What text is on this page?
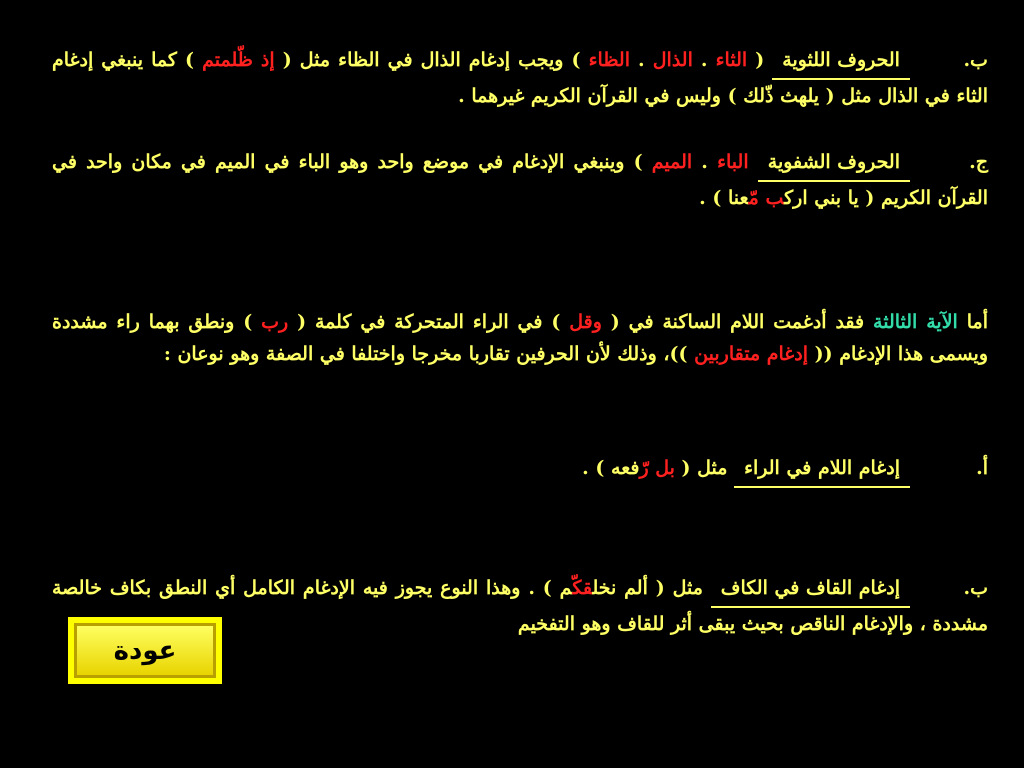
ب.الحروف اللثوية ( الثاء . الذال . الظاء ) ويجب إدغام الذال في الظاء مثل ( إذ ظّلمتم ) كما ينبغي إدغام الثاء في الذال مثل ( يلهث ذّلك ) وليس في القرآن الكريم غيرهما .
ج.الحروف الشفوية الباء . الميم ) وينبغي الإدغام في موضع واحد وهو الباء في الميم في مكان واحد في القرآن الكريم ( يا بني اركب مّعنا ) .
أما الآية الثالثة فقد أدغمت اللام الساكنة في ( وقل ) في الراء المتحركة في كلمة ( رب ) ونطق بهما راء مشددة ويسمى هذا الإدغام (( إدغام متقاربين ))، وذلك لأن الحرفين تقاربا مخرجا واختلفا في الصفة وهو نوعان :
أ.إدغام اللام في الراء مثل ( بل رّفعه ) .
ب.إدغام القاف في الكاف مثل ( ألم نخلقكّم ) . وهذا النوع يجوز فيه الإدغام الكامل أي النطق بكاف خالصة مشددة ، والإدغام الناقص بحيث يبقى أثر للقاف وهو التفخيم
عودة
